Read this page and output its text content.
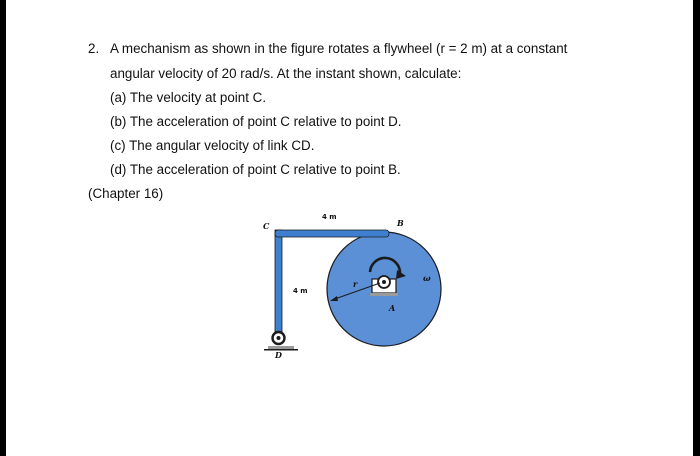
2. A mechanism as shown in the figure rotates a flywheel (r = 2 m) at a constant
angular velocity of 20 rad/s. At the instant shown, calculate:
(a) The velocity at point C.
(b) The acceleration of point C relative to point D.
(c) The angular velocity of link CD.
(d) The acceleration of point C relative to point B.
(Chapter 16)
C	B
D
A
r
ω
4 m
4 m
